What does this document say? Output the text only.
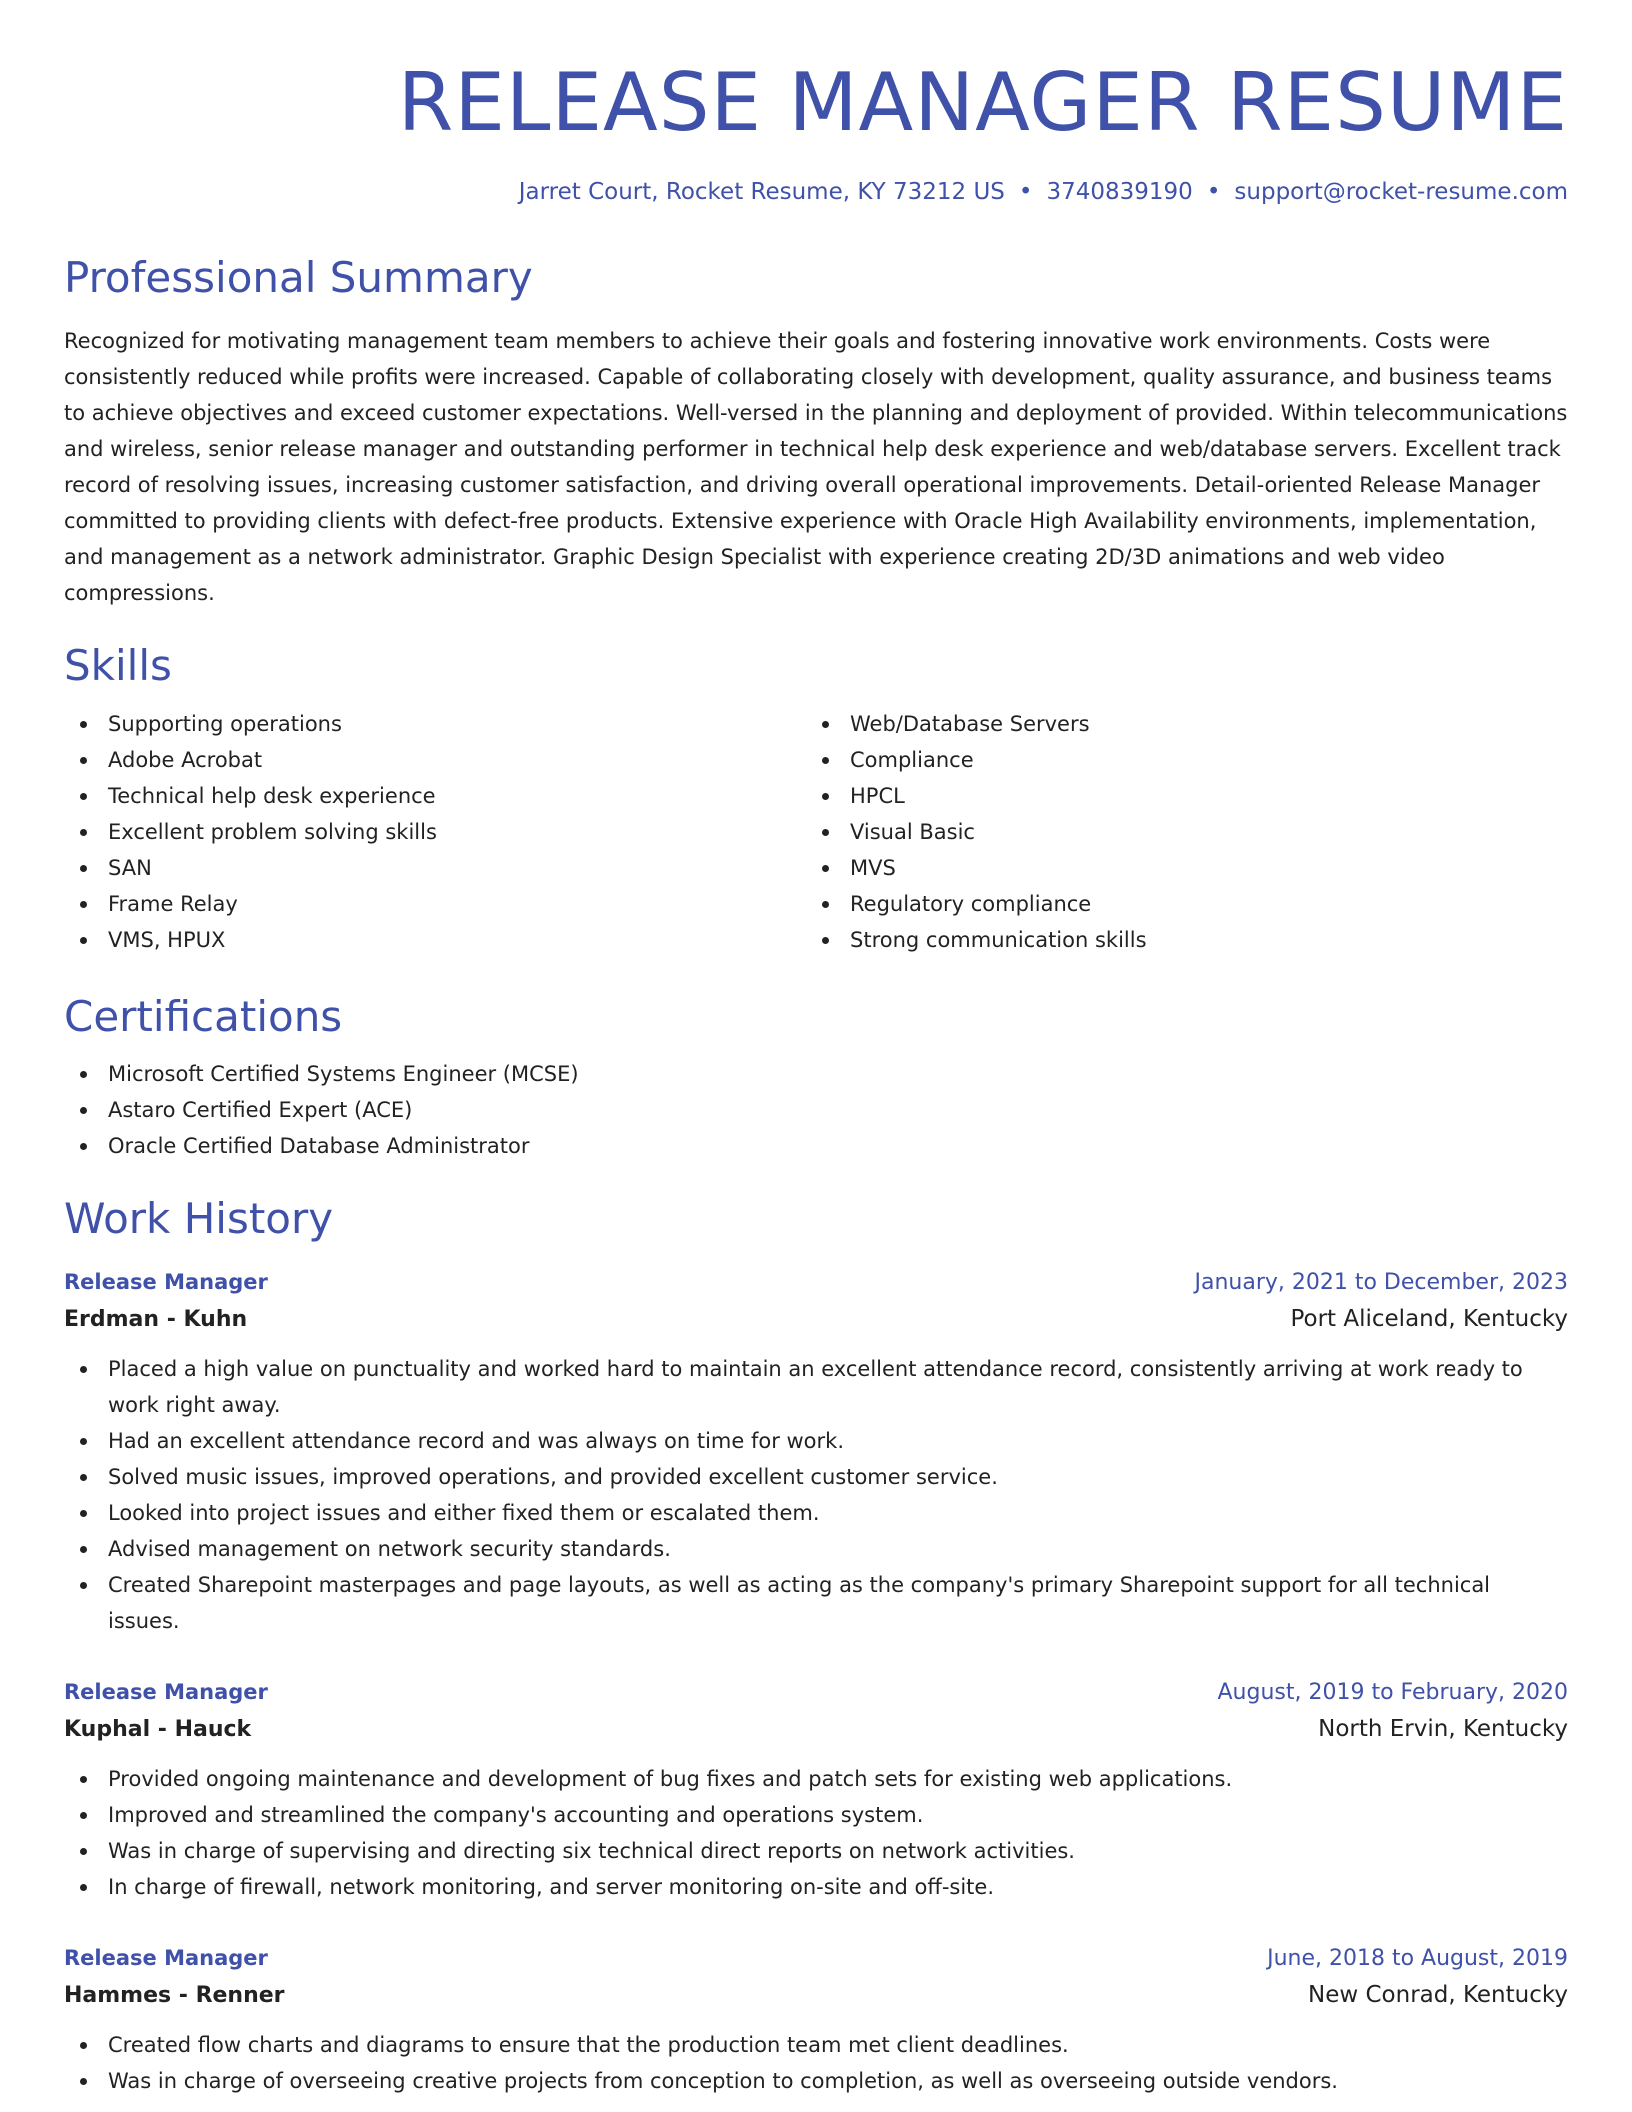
RELEASE MANAGER RESUME
Jarret Court, Rocket Resume, KY 73212 US • 3740839190 • support@rocket-resume.com
Professional Summary

Recognized for motivating management team members to achieve their goals and fostering innovative work environments. Costs were consistently reduced while profits were increased. Capable of collaborating closely with development, quality assurance, and business teams to achieve objectives and exceed customer expectations. Well-versed in the planning and deployment of provided. Within telecommunications and wireless, senior release manager and outstanding performer in technical help desk experience and web/database servers. Excellent track record of resolving issues, increasing customer satisfaction, and driving overall operational improvements. Detail-oriented Release Manager committed to providing clients with defect-free products. Extensive experience with Oracle High Availability environments, implementation, and management as a network administrator. Graphic Design Specialist with experience creating 2D/3D animations and web video compressions.

Skills
Supporting operations
Adobe Acrobat
Technical help desk experience
Excellent problem solving skills
SAN
Frame Relay
VMS, HPUX
Web/Database Servers
Compliance
HPCL
Visual Basic
MVS
Regulatory compliance
Strong communication skills
Certifications
Microsoft Certified Systems Engineer (MCSE)
Astaro Certified Expert (ACE)
Oracle Certified Database Administrator
Work History
Release Manager	January, 2021 to December, 2023
Erdman - Kuhn	Port Aliceland, Kentucky
Placed a high value on punctuality and worked hard to maintain an excellent attendance record, consistently arriving at work ready to work right away.
Had an excellent attendance record and was always on time for work.
Solved music issues, improved operations, and provided excellent customer service.
Looked into project issues and either fixed them or escalated them.
Advised management on network security standards.
Created Sharepoint masterpages and page layouts, as well as acting as the company's primary Sharepoint support for all technical issues.
Release Manager	August, 2019 to February, 2020
Kuphal - Hauck	North Ervin, Kentucky
Provided ongoing maintenance and development of bug fixes and patch sets for existing web applications.
Improved and streamlined the company's accounting and operations system.
Was in charge of supervising and directing six technical direct reports on network activities.
In charge of firewall, network monitoring, and server monitoring on-site and off-site.
Release Manager	June, 2018 to August, 2019
Hammes - Renner	New Conrad, Kentucky
Created flow charts and diagrams to ensure that the production team met client deadlines.
Was in charge of overseeing creative projects from conception to completion, as well as overseeing outside vendors.
